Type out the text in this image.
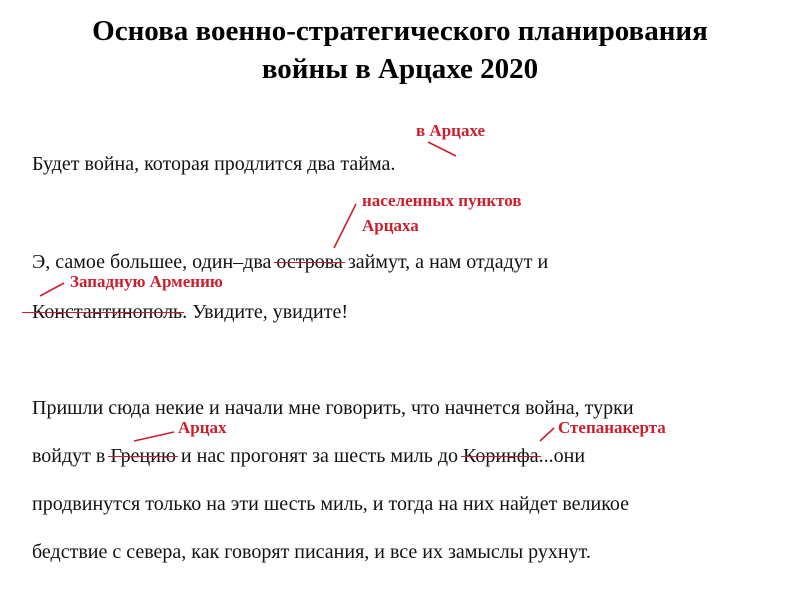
Основа военно-стратегического планирования
войны в Арцахе 2020
Будет война, которая продлится два тайма.
Э, самое большее, один–два острова займут, а нам отдадут и
Константинополь. Увидите, увидите!
Пришли сюда некие и начали мне говорить, что начнется война, турки
войдут в Грецию и нас прогонят за шесть миль до Коринфа...они
продвинутся только на эти шесть миль, и тогда на них найдет великое
бедствие с севера, как говорят писания, и все их замыслы рухнут.
в Арцахе
населенных пунктов
Арцаха
Западную Армению
Арцах	Степанакерта
